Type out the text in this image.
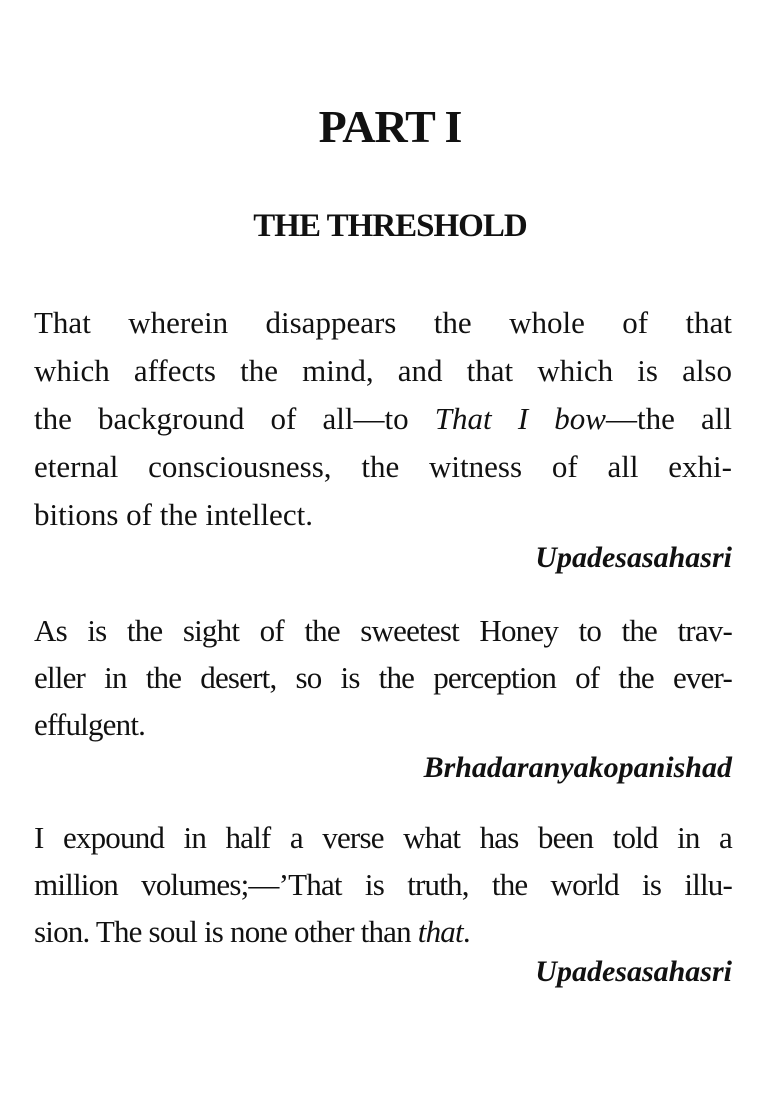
PART I
THE THRESHOLD
That wherein disappears the whole of that
which affects the mind, and that which is also
the background of all—to That I bow—the all
eternal consciousness, the witness of all exhi-
bitions of the intellect.
Upadesasahasri
As is the sight of the sweetest Honey to the trav-
eller in the desert, so is the perception of the ever-
effulgent.
Brhadaranyakopanishad
I expound in half a verse what has been told in a
million volumes;—’That is truth, the world is illu-
sion. The soul is none other than that.
Upadesasahasri
